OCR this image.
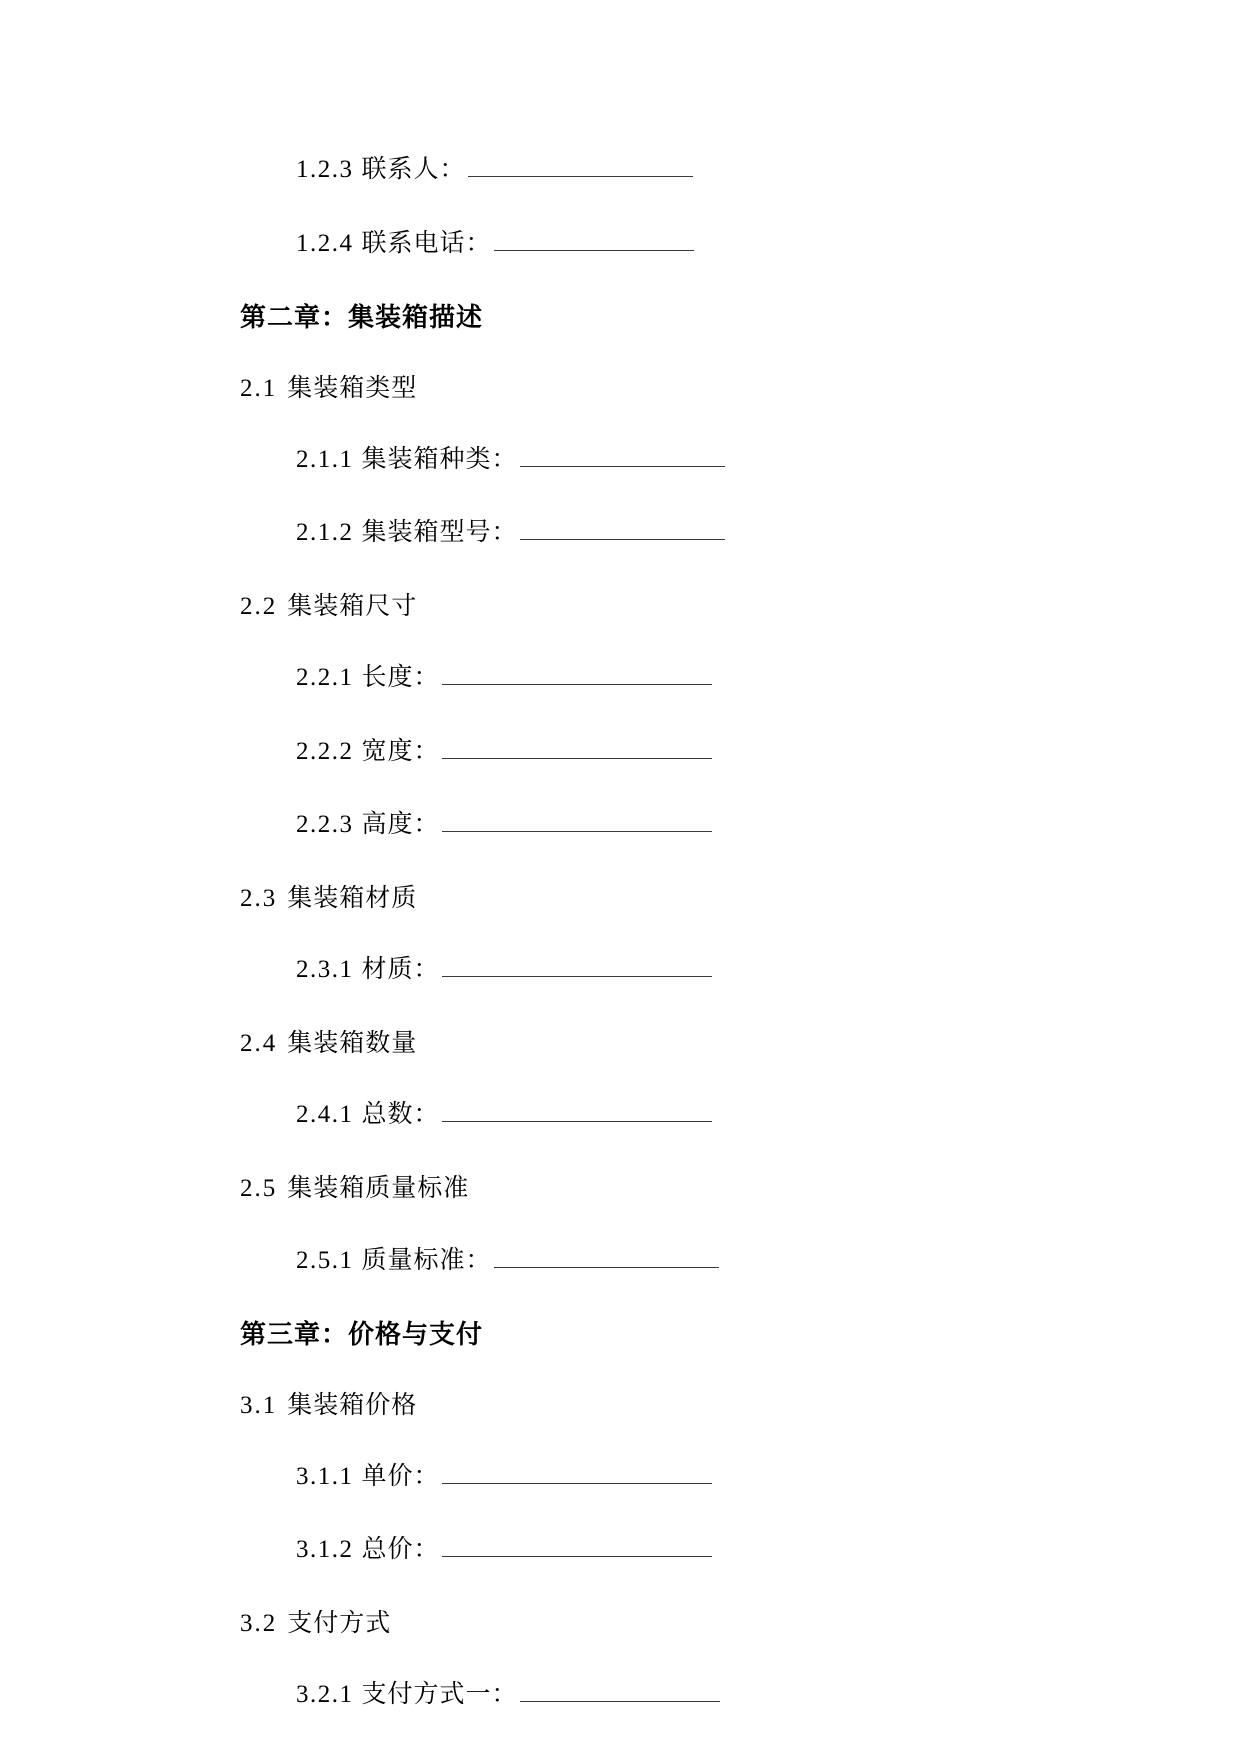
1.2.3 联系人：
1.2.4 联系电话：
第二章：集装箱描述
2.1 集装箱类型
2.1.1 集装箱种类：
2.1.2 集装箱型号：
2.2 集装箱尺寸
2.2.1 长度：
2.2.2 宽度：
2.2.3 高度：
2.3 集装箱材质
2.3.1 材质：
2.4 集装箱数量
2.4.1 总数：
2.5 集装箱质量标准
2.5.1 质量标准：
第三章：价格与支付
3.1 集装箱价格
3.1.1 单价：
3.1.2 总价：
3.2 支付方式
3.2.1 支付方式一：
